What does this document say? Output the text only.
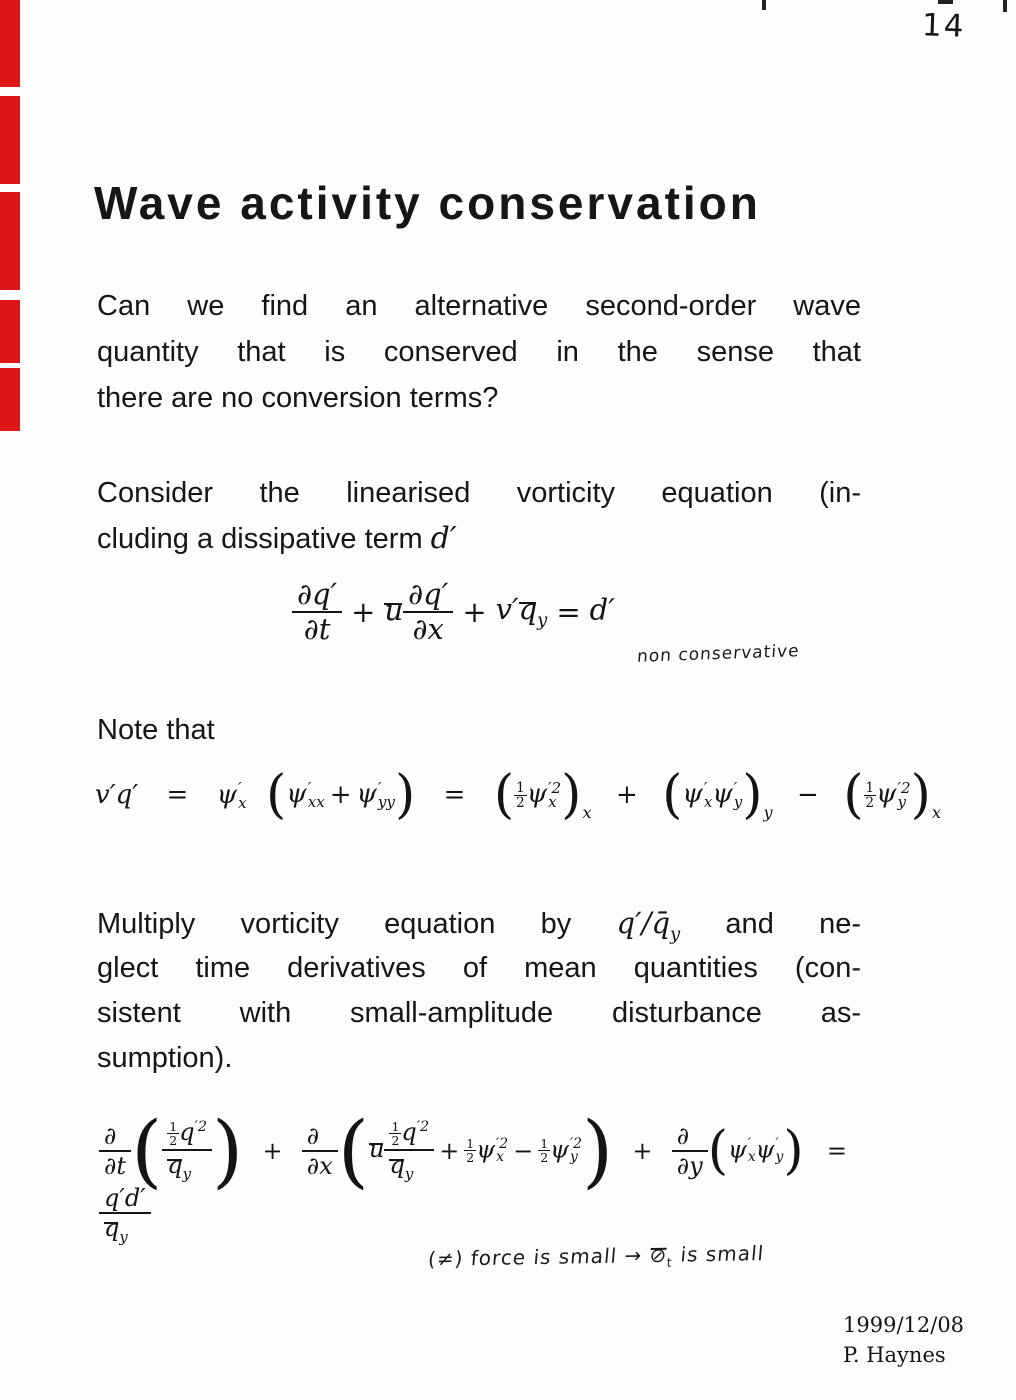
14
Wave activity conservation
Can we find an alternative second-order wave
quantity that is conserved in the sense that
there are no conversion terms?
Consider the linearised vorticity equation (in-
cluding a dissipative term d′
$\frac{\partial q'}{\partial t} + u \frac{\partial q'}{\partial x} + v'q_y = d'$
non conservative
Note that
v′q′ = ψ ′
x (ψ ′
xx + ψ ′
yy ) = ( $\frac{1}{2}$ ψ ′2
x )$_x + (\psi$ ′
x ψ ′
y )$_y$ − ( $\frac{1}{2}$ ψ ′2
y )$_x$
Multiply vorticity equation by $q'/q̄_y$ and ne-
glect time derivatives of mean quantities (con-
sistent with small-amplitude disturbance as-
sumption).
$\frac{\partial}{\partial t}$ ( $\frac{\frac{1}{2} q^{'2}}{q_y}$ ) + $\frac{\partial}{\partial x} (u \frac{\frac{1}{2} q^{'2}}{q_y} + \frac{1}{2}$ ψ ′2
$x - \frac{1}{2}$ ψ ′2
y ) + $\frac{\partial}{\partial y} (\psi$ ′
x ψ ′
y ) =
$\frac{q'd'}{q_y}$
(≠) force is small → $⊘_t$ is small
1999/12/08
P. Haynes
